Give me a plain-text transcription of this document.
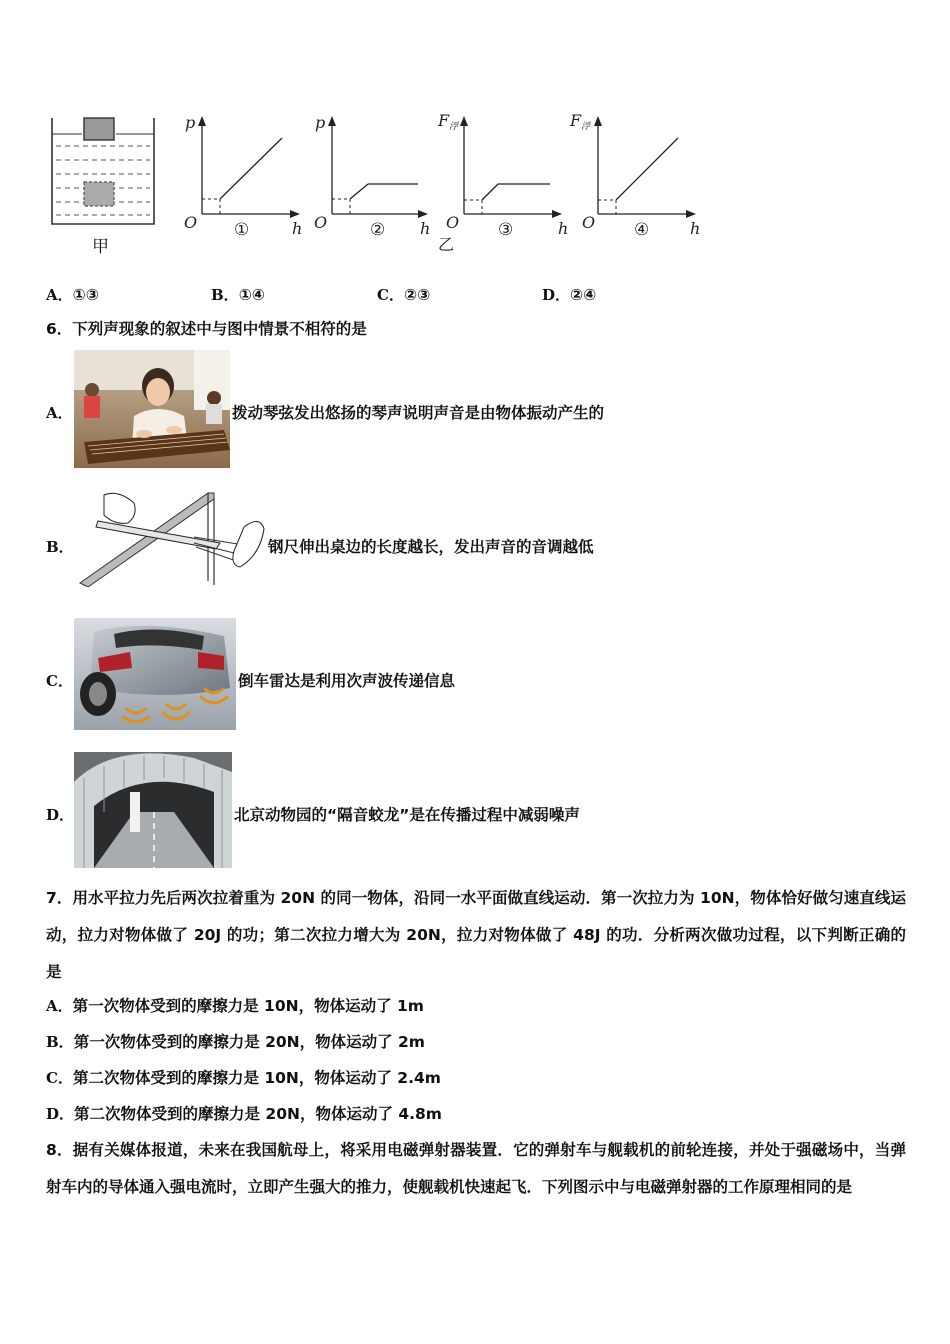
甲
p
O	h
①
p
O	h
②
F浮
O	h
③
乙
F浮
O	h
④
A．①③	B．①④	C．②③	D．②④
6．下列声现象的叙述中与图中情景不相符的是
A．	拨动琴弦发出悠扬的琴声说明声音是由物体振动产生的
B．	钢尺伸出桌边的长度越长，发出声音的音调越低
C．	倒车雷达是利用次声波传递信息
D．	北京动物园的“隔音蛟龙”是在传播过程中减弱噪声
7．用水平拉力先后两次拉着重为 20N 的同一物体，沿同一水平面做直线运动．第一次拉力为 10N，物体恰好做匀速直线运动，拉力对物体做了 20J 的功；第二次拉力增大为 20N，拉力对物体做了 48J 的功．分析两次做功过程，以下判断正确的是
A．第一次物体受到的摩擦力是 10N，物体运动了 1m
B．第一次物体受到的摩擦力是 20N，物体运动了 2m
C．第二次物体受到的摩擦力是 10N，物体运动了 2.4m
D．第二次物体受到的摩擦力是 20N，物体运动了 4.8m
8．据有关媒体报道，未来在我国航母上，将采用电磁弹射器装置．它的弹射车与舰载机的前轮连接，并处于强磁场中，当弹射车内的导体通入强电流时，立即产生强大的推力，使舰载机快速起飞．下列图示中与电磁弹射器的工作原理相同的是
